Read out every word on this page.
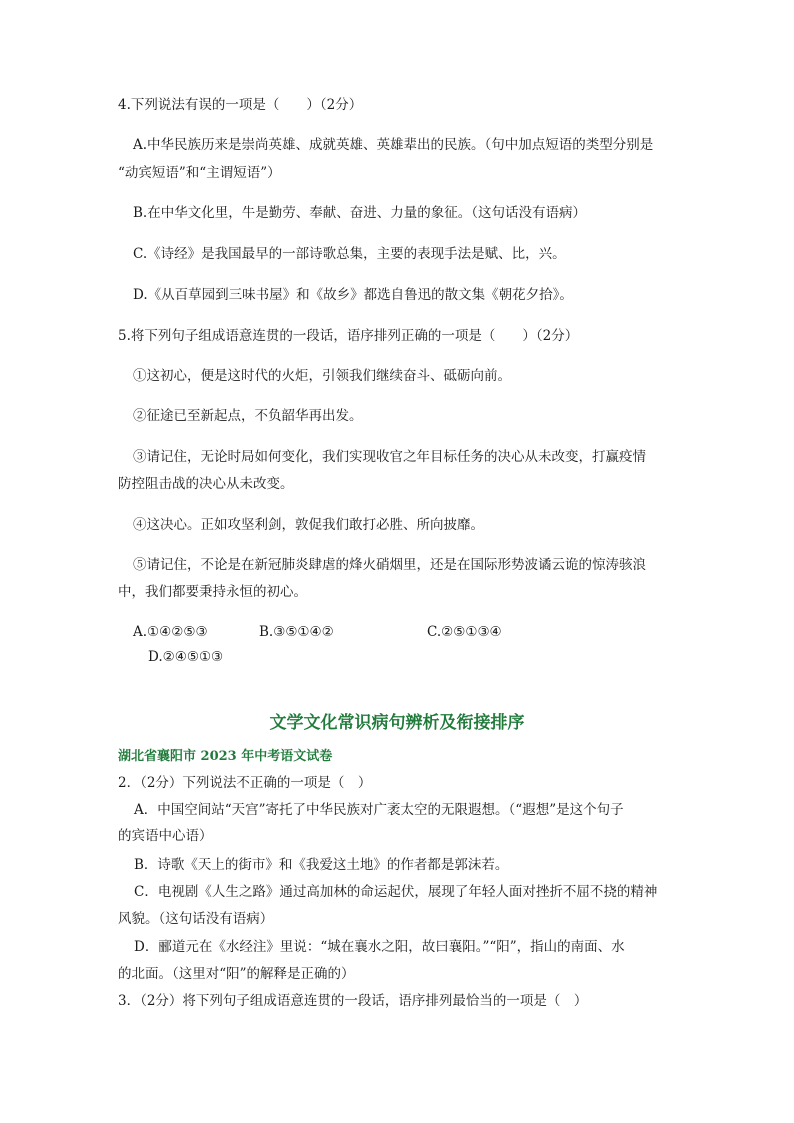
4.下列说法有误的一项是（　　）（2分）
A.中华民族历来是崇尚英雄、成就英雄、英雄辈出的民族。（句中加点短语的类型分别是
“动宾短语”和“主谓短语”）
B.在中华文化里，牛是勤劳、奉献、奋进、力量的象征。（这句话没有语病）
C.《诗经》是我国最早的一部诗歌总集，主要的表现手法是赋、比，兴。
D.《从百草园到三味书屋》和《故乡》都选自鲁迅的散文集《朝花夕拾》。
5.将下列句子组成语意连贯的一段话，语序排列正确的一项是（　　）（2分）
①这初心，便是这时代的火炬，引领我们继续奋斗、砥砺向前。
②征途已至新起点，不负韶华再出发。
③请记住，无论时局如何变化，我们实现收官之年目标任务的决心从未改变，打赢疫情
防控阻击战的决心从未改变。
④这决心。正如攻坚利剑，敦促我们敢打必胜、所向披靡。
⑤请记住，不论是在新冠肺炎肆虐的烽火硝烟里，还是在国际形势波谲云诡的惊涛骇浪
中，我们都要秉持永恒的初心。
A.①④②⑤③	B.③⑤①④②	C.②⑤①③④
D.②④⑤①③
文学文化常识病句辨析及衔接排序
湖北省襄阳市 2023 年中考语文试卷
2．（2分）下列说法不正确的一项是（　）
A．中国空间站“天宫”寄托了中华民族对广袤太空的无限遐想。（“遐想”是这个句子
的宾语中心语）
B．诗歌《天上的街市》和《我爱这土地》的作者都是郭沫若。
C．电视剧《人生之路》通过高加林的命运起伏，展现了年轻人面对挫折不屈不挠的精神
风貌。（这句话没有语病）
D．郦道元在《水经注》里说：“城在襄水之阳，故曰襄阳。”“阳”，指山的南面、水
的北面。（这里对“阳”的解释是正确的）
3．（2分）将下列句子组成语意连贯的一段话，语序排列最恰当的一项是（　）
